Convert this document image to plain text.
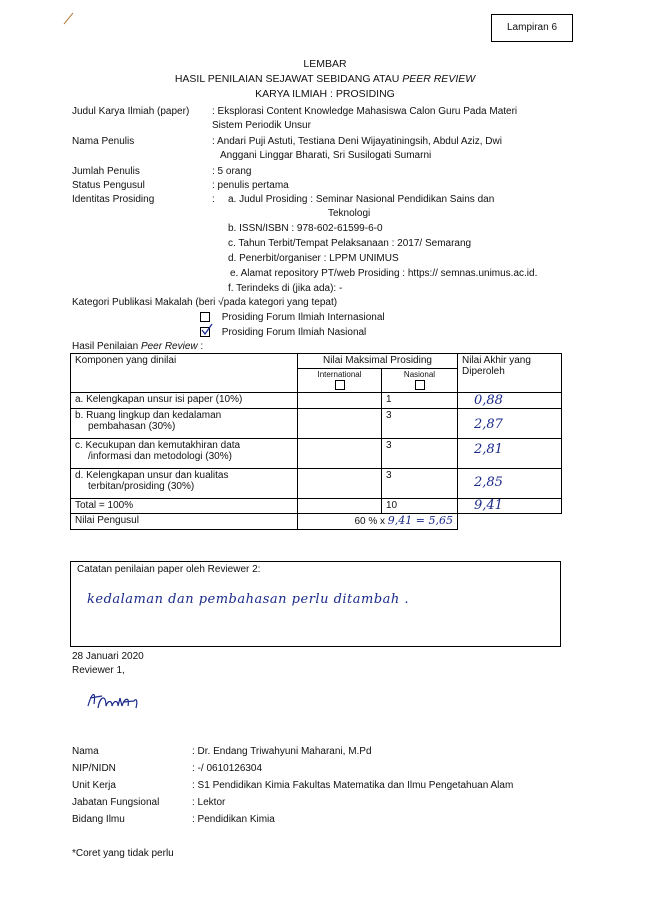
Lampiran 6
LEMBAR
HASIL PENILAIAN SEJAWAT SEBIDANG ATAU PEER REVIEW
KARYA ILMIAH : PROSIDING
Judul Karya Ilmiah (paper) : Eksplorasi Content Knowledge Mahasiswa Calon Guru Pada Materi
Sistem Periodik Unsur
Nama Penulis	: Andari Puji Astuti, Testiana Deni Wijayatiningsih, Abdul Aziz, Dwi
Anggani Linggar Bharati, Sri Susilogati Sumarni
Jumlah Penulis	: 5 orang
Status Pengusul	: penulis pertama
Identitas Prosiding	: a. Judul Prosiding : Seminar Nasional Pendidikan Sains dan
Teknologi
b. ISSN/ISBN : 978-602-61599-6-0
c. Tahun Terbit/Tempat Pelaksanaan : 2017/ Semarang
d. Penerbit/organiser : LPPM UNIMUS
e. Alamat repository PT/web Prosiding : https:// semnas.unimus.ac.id.
f. Terindeks di (jika ada): -
Kategori Publikasi Makalah (beri √pada kategori yang tepat)
Prosiding Forum Ilmiah Internasional
Prosiding Forum Ilmiah Nasional
Hasil Penilaian Peer Review :
Komponen yang dinilai	Nilai Maksimal Prosiding		Nilai Akhir yang
Diperoleh

	International	Nasional	

a. Kelengkapan unsur isi paper (10%)		1	0,88

b. Ruang lingkup dan kedalaman
pembahasan (30%)		3	2,87

c. Kecukupan dan kemutakhiran data
/informasi dan metodologi (30%)		3	2,81

d. Kelengkapan unsur dan kualitas
terbitan/prosiding (30%)		3	2,85
Total = 100%		10	9,41
Nilai Pengusul	60 % x 9,41 = 5,65		
Catatan penilaian paper oleh Reviewer 2:
kedalaman dan pembahasan perlu ditambah .
28 Januari 2020
Reviewer 1,
Nama	: Dr. Endang Triwahyuni Maharani, M.Pd
NIP/NIDN	: -/ 0610126304
Unit Kerja	: S1 Pendidikan Kimia Fakultas Matematika dan Ilmu Pengetahuan Alam
Jabatan Fungsional	: Lektor
Bidang Ilmu	: Pendidikan Kimia
*Coret yang tidak perlu
